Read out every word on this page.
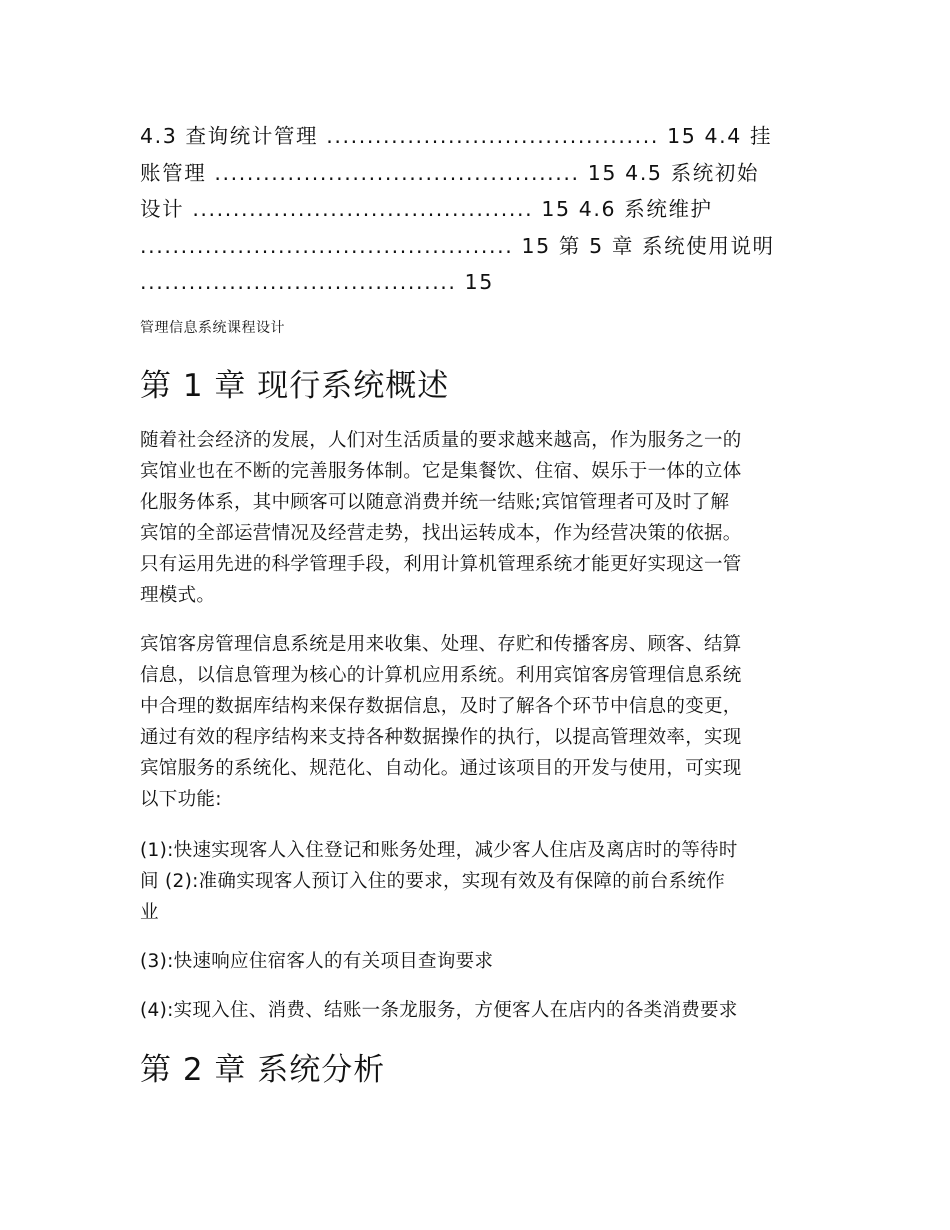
4.3 查询统计管理 ......................................... 15 4.4 挂
账管理 ............................................. 15 4.5 系统初始
设计 .......................................... 15 4.6 系统维护
.............................................. 15 第 5 章 系统使用说明
....................................... 15
管理信息系统课程设计
第 1 章 现行系统概述
随着社会经济的发展，人们对生活质量的要求越来越高，作为服务之一的
宾馆业也在不断的完善服务体制。它是集餐饮、住宿、娱乐于一体的立体
化服务体系，其中顾客可以随意消费并统一结账;宾馆管理者可及时了解
宾馆的全部运营情况及经营走势，找出运转成本，作为经营决策的依据。
只有运用先进的科学管理手段，利用计算机管理系统才能更好实现这一管
理模式。
宾馆客房管理信息系统是用来收集、处理、存贮和传播客房、顾客、结算
信息，以信息管理为核心的计算机应用系统。利用宾馆客房管理信息系统
中合理的数据库结构来保存数据信息，及时了解各个环节中信息的变更，
通过有效的程序结构来支持各种数据操作的执行，以提高管理效率，实现
宾馆服务的系统化、规范化、自动化。通过该项目的开发与使用，可实现
以下功能:
(1):快速实现客人入住登记和账务处理，减少客人住店及离店时的等待时
间 (2):准确实现客人预订入住的要求，实现有效及有保障的前台系统作
业
(3):快速响应住宿客人的有关项目查询要求
(4):实现入住、消费、结账一条龙服务，方便客人在店内的各类消费要求
第 2 章 系统分析
